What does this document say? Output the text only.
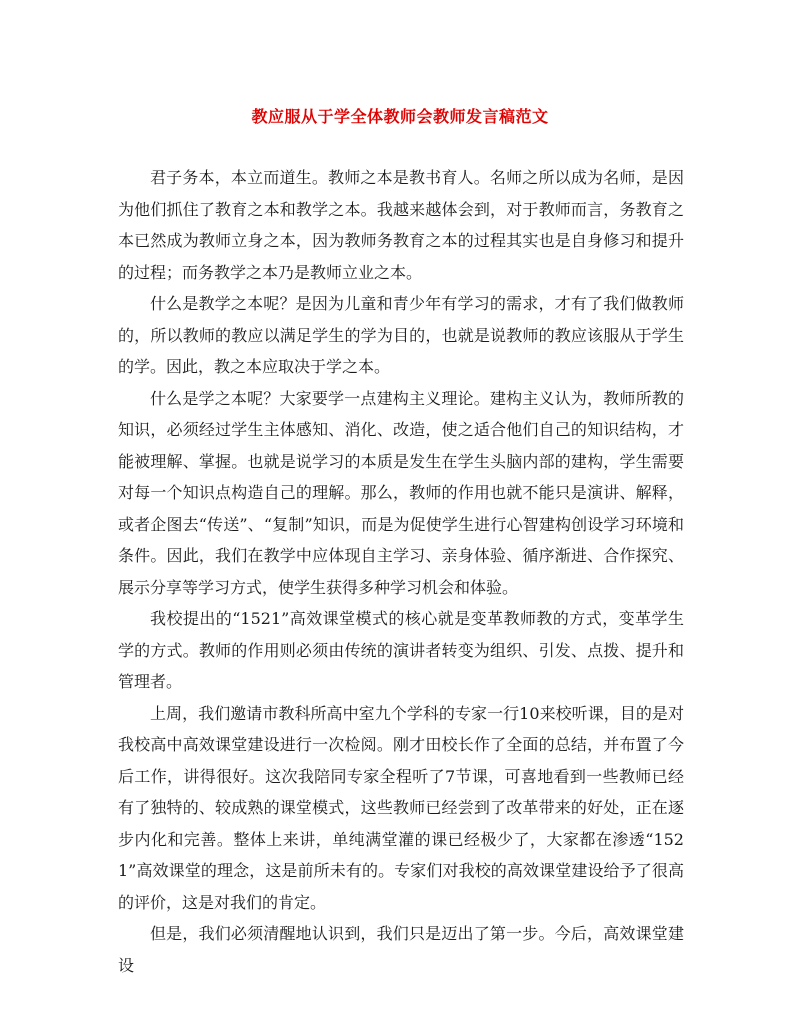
教应服从于学全体教师会教师发言稿范文

君子务本，本立而道生。教师之本是教书育人。名师之所以成为名师，是因为他们抓住了教育之本和教学之本。我越来越体会到，对于教师而言，务教育之本已然成为教师立身之本，因为教师务教育之本的过程其实也是自身修习和提升的过程；而务教学之本乃是教师立业之本。

什么是教学之本呢？是因为儿童和青少年有学习的需求，才有了我们做教师的，所以教师的教应以满足学生的学为目的，也就是说教师的教应该服从于学生的学。因此，教之本应取决于学之本。

什么是学之本呢？大家要学一点建构主义理论。建构主义认为，教师所教的知识，必须经过学生主体感知、消化、改造，使之适合他们自己的知识结构，才能被理解、掌握。也就是说学习的本质是发生在学生头脑内部的建构，学生需要对每一个知识点构造自己的理解。那么，教师的作用也就不能只是演讲、解释，或者企图去“传送”、“复制”知识，而是为促使学生进行心智建构创设学习环境和条件。因此，我们在教学中应体现自主学习、亲身体验、循序渐进、合作探究、展示分享等学习方式，使学生获得多种学习机会和体验。

我校提出的“1521”高效课堂模式的核心就是变革教师教的方式，变革学生学的方式。教师的作用则必须由传统的演讲者转变为组织、引发、点拨、提升和管理者。

上周，我们邀请市教科所高中室九个学科的专家一行10来校听课，目的是对我校高中高效课堂建设进行一次检阅。刚才田校长作了全面的总结，并布置了今后工作，讲得很好。这次我陪同专家全程听了7节课，可喜地看到一些教师已经有了独特的、较成熟的课堂模式，这些教师已经尝到了改革带来的好处，正在逐步内化和完善。整体上来讲，单纯满堂灌的课已经极少了，大家都在渗透“1521”高效课堂的理念，这是前所未有的。专家们对我校的高效课堂建设给予了很高的评价，这是对我们的肯定。

但是，我们必须清醒地认识到，我们只是迈出了第一步。今后，高效课堂建设
